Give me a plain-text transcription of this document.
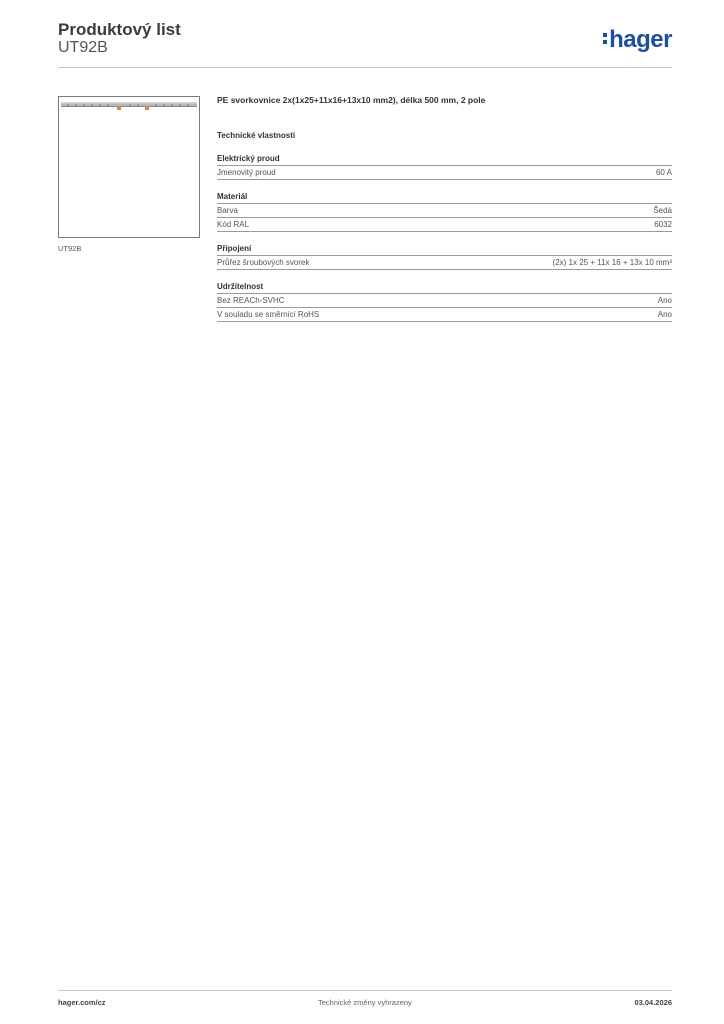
Produktový list
UT92B	hager
UT92B
PE svorkovnice 2x(1x25+11x16+13x10 mm2), délka 500 mm, 2 pole
Technické vlastnosti
Elektrický proud
Jmenovitý proud	60 A
Materiál
Barva	Šedá
Kód RAL	6032
Připojení
Průřez šroubových svorek	(2x) 1x 25 + 11x 16 + 13x 10 mm²
Udržitelnost
Bez REACh-SVHC	Ano
V souladu se směrnicí RoHS	Ano
hager.com/cz	Technické změny vyhrazeny	03.04.2026
